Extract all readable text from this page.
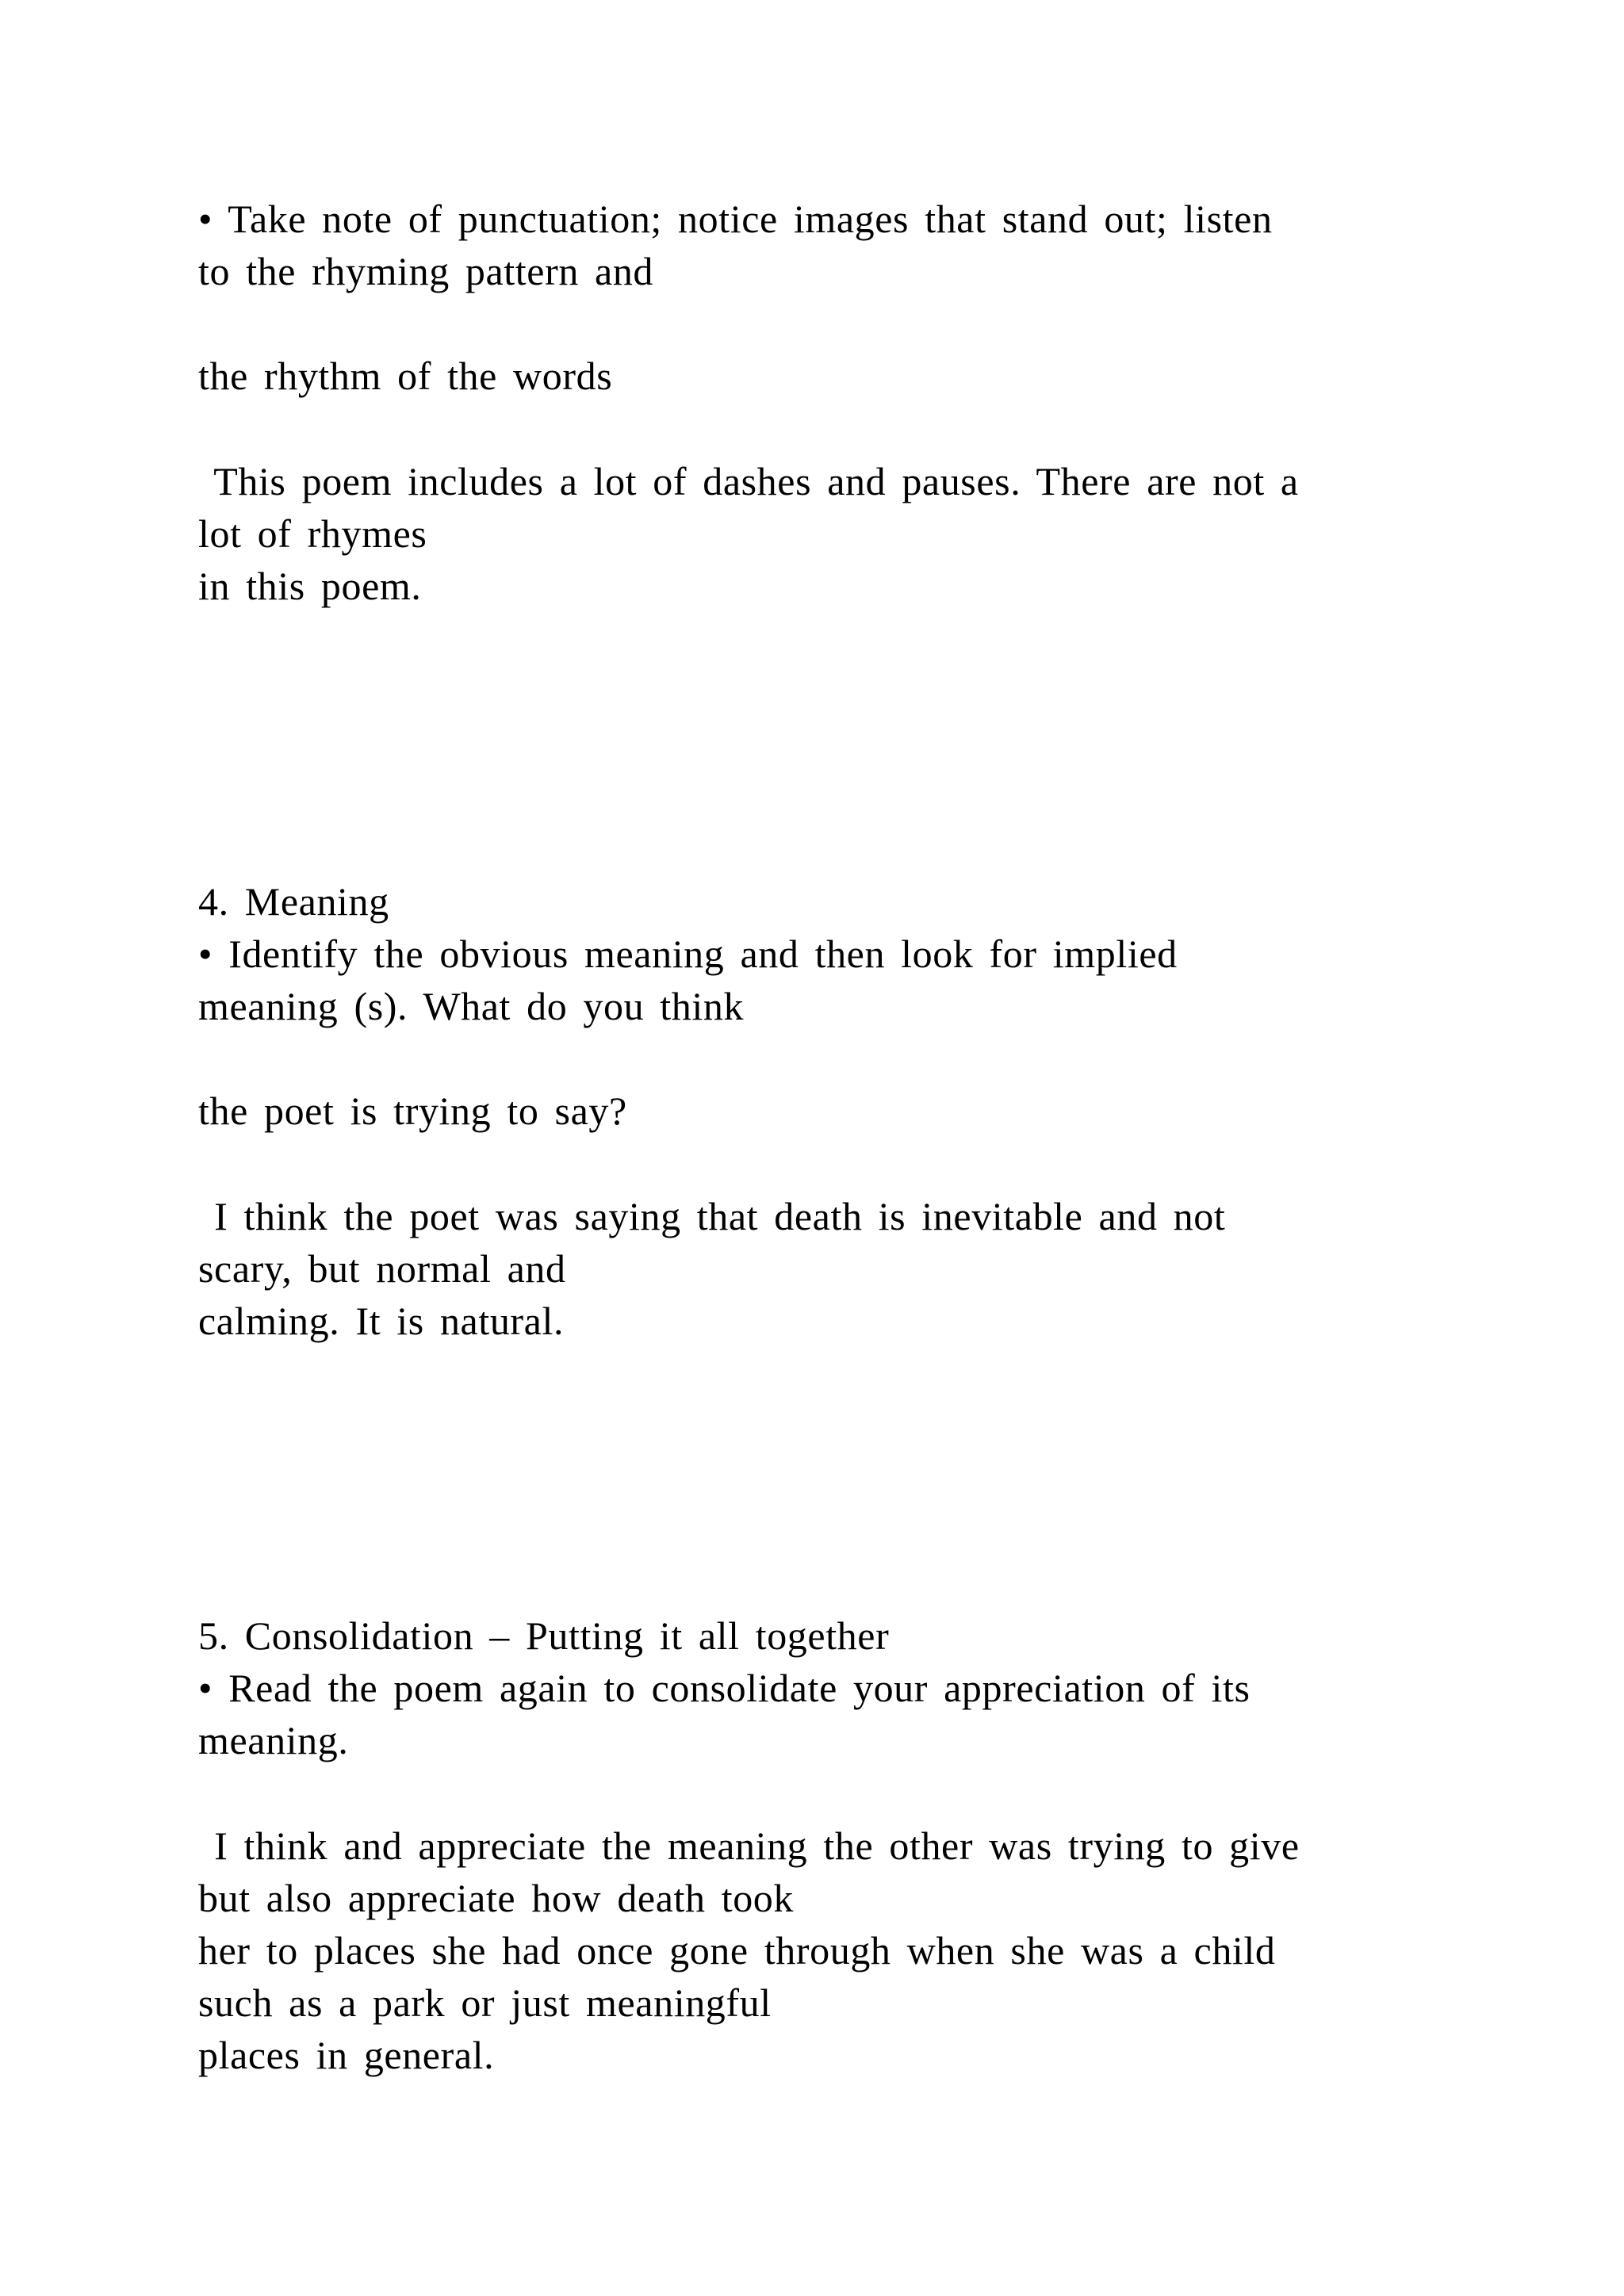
• Take note of punctuation; notice images that stand out; listen
to the rhyming pattern and
the rhythm of the words
This poem includes a lot of dashes and pauses. There are not a
lot of rhymes
in this poem.
4. Meaning
• Identify the obvious meaning and then look for implied
meaning (s). What do you think
the poet is trying to say?
I think the poet was saying that death is inevitable and not
scary, but normal and
calming. It is natural.
5. Consolidation – Putting it all together
• Read the poem again to consolidate your appreciation of its
meaning.
I think and appreciate the meaning the other was trying to give
but also appreciate how death took
her to places she had once gone through when she was a child
such as a park or just meaningful
places in general.
